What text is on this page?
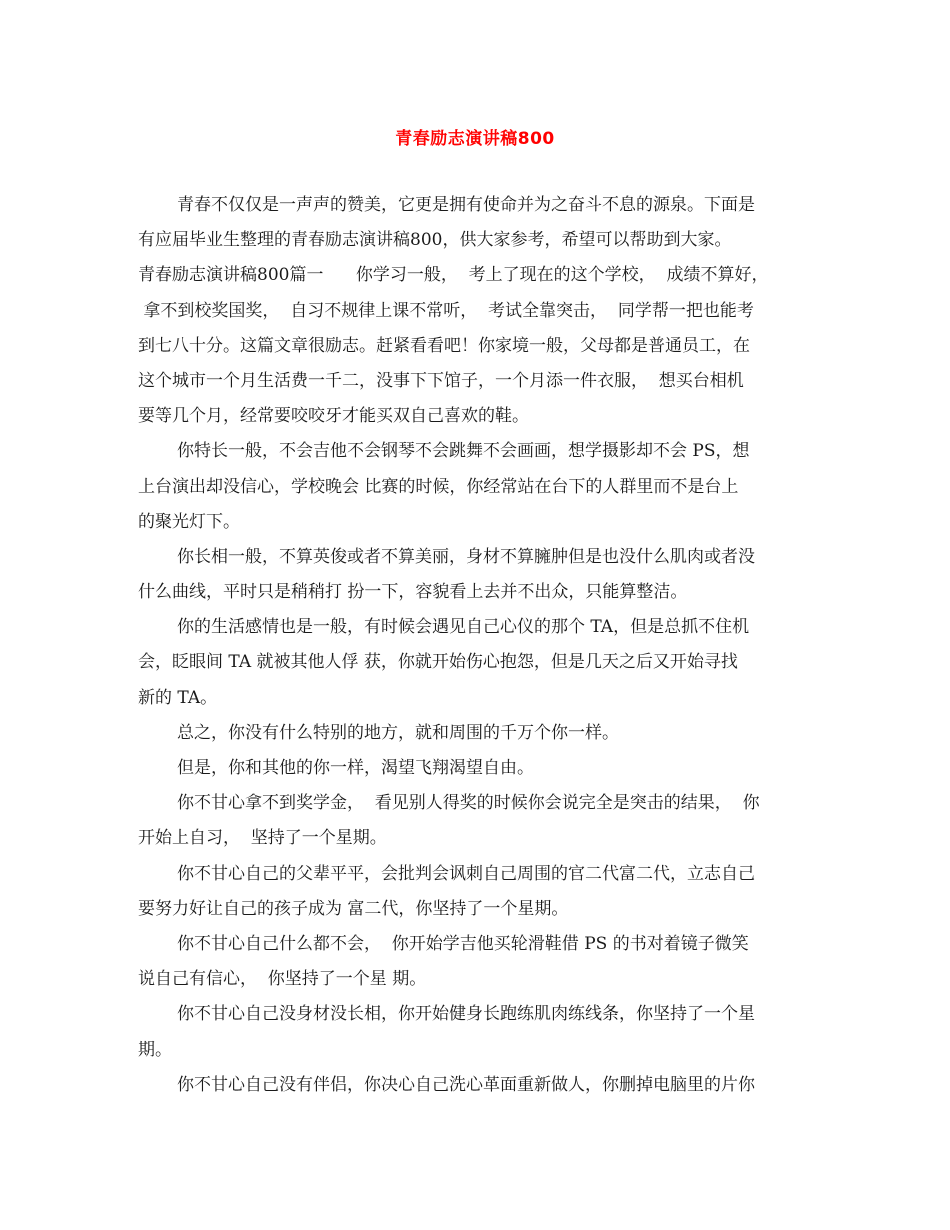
青春励志演讲稿800
青春不仅仅是一声声的赞美，它更是拥有使命并为之奋斗不息的源泉。下面是
有应届毕业生整理的青春励志演讲稿800，供大家参考，希望可以帮助到大家。
青春励志演讲稿800篇一      你学习一般，  考上了现在的这个学校，  成绩不算好，
拿不到校奖国奖，  自习不规律上课不常听，  考试全靠突击，  同学帮一把也能考
到七八十分。这篇文章很励志。赶紧看看吧！你家境一般，父母都是普通员工，在
这个城市一个月生活费一千二，没事下下馆子，一个月添一件衣服，  想买台相机
要等几个月，经常要咬咬牙才能买双自己喜欢的鞋。
你特长一般，不会吉他不会钢琴不会跳舞不会画画，想学摄影却不会 PS，想
上台演出却没信心，学校晚会 比赛的时候，你经常站在台下的人群里而不是台上
的聚光灯下。
你长相一般，不算英俊或者不算美丽，身材不算臃肿但是也没什么肌肉或者没
什么曲线，平时只是稍稍打 扮一下，容貌看上去并不出众，只能算整洁。
你的生活感情也是一般，有时候会遇见自己心仪的那个 TA，但是总抓不住机
会，眨眼间 TA 就被其他人俘 获，你就开始伤心抱怨，但是几天之后又开始寻找
新的 TA。
总之，你没有什么特别的地方，就和周围的千万个你一样。
但是，你和其他的你一样，渴望飞翔渴望自由。
你不甘心拿不到奖学金，  看见别人得奖的时候你会说完全是突击的结果，  你
开始上自习，  坚持了一个星期。
你不甘心自己的父辈平平，会批判会讽刺自己周围的官二代富二代，立志自己
要努力好让自己的孩子成为 富二代，你坚持了一个星期。
你不甘心自己什么都不会，  你开始学吉他买轮滑鞋借 PS 的书对着镜子微笑
说自己有信心，  你坚持了一个星 期。
你不甘心自己没身材没长相，你开始健身长跑练肌肉练线条，你坚持了一个星
期。
你不甘心自己没有伴侣，你决心自己洗心革面重新做人，你删掉电脑里的片你
